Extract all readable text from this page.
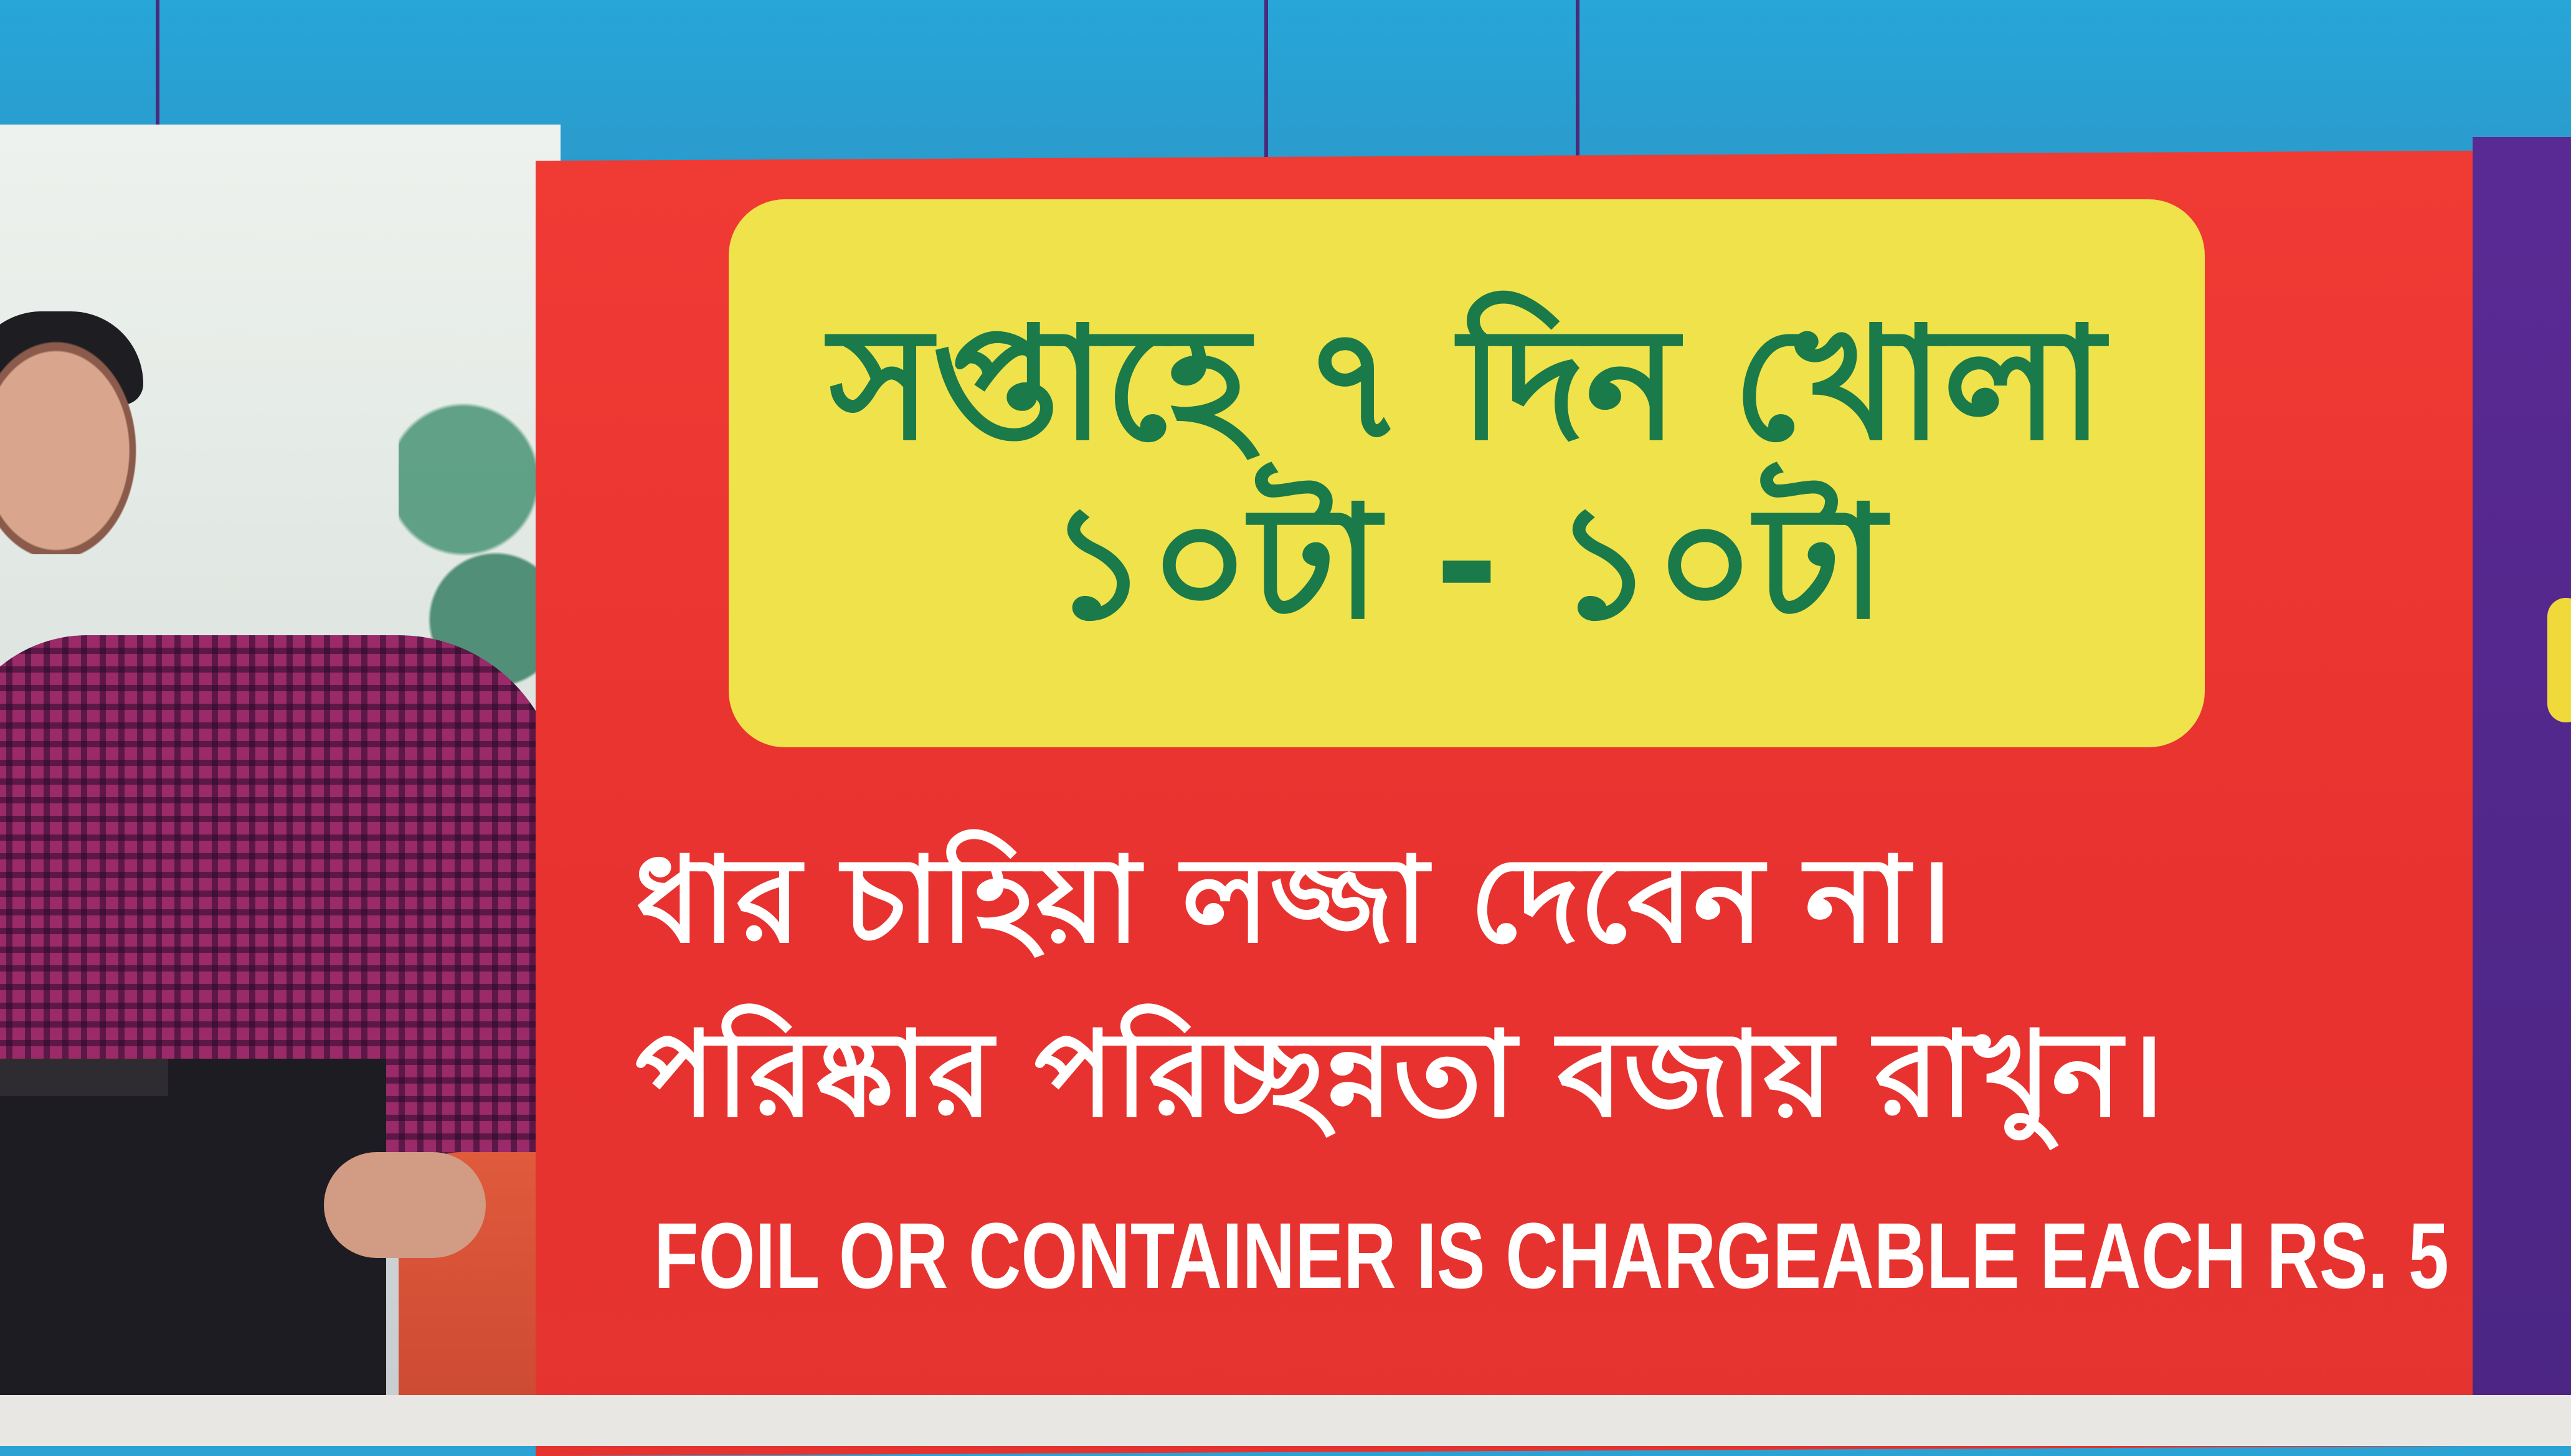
সপ্তাহে ৭ দিন খোলা
১০টা - ১০টা
ধার চাহিয়া লজ্জা দেবেন না।
পরিষ্কার পরিচ্ছন্নতা বজায় রাখুন।
FOIL OR CONTAINER IS CHARGEABLE EACH RS. 5
